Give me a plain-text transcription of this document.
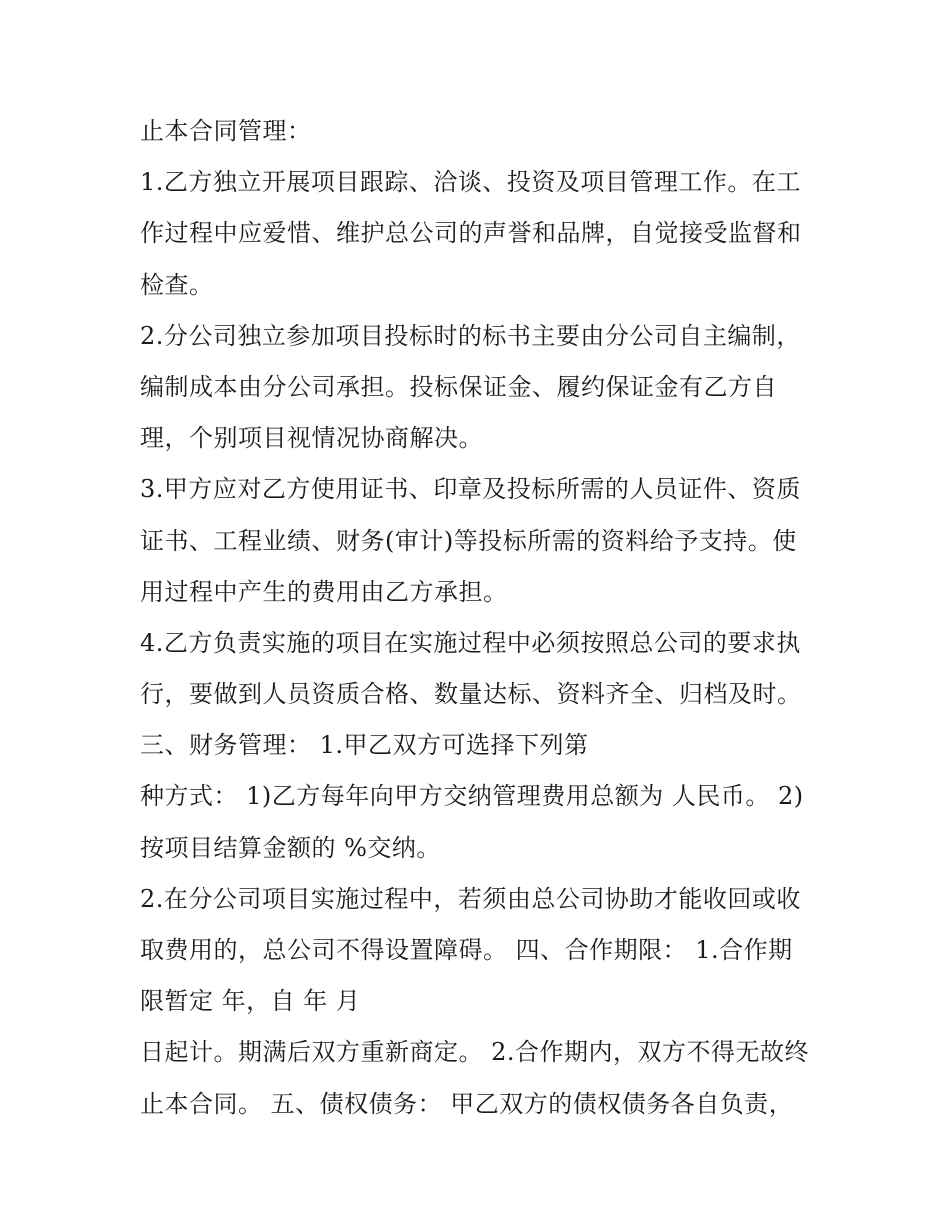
止本合同管理：
1.乙方独立开展项目跟踪、洽谈、投资及项目管理工作。在工
作过程中应爱惜、维护总公司的声誉和品牌，自觉接受监督和
检查。
2.分公司独立参加项目投标时的标书主要由分公司自主编制，
编制成本由分公司承担。投标保证金、履约保证金有乙方自
理，个别项目视情况协商解决。
3.甲方应对乙方使用证书、印章及投标所需的人员证件、资质
证书、工程业绩、财务(审计)等投标所需的资料给予支持。使
用过程中产生的费用由乙方承担。
4.乙方负责实施的项目在实施过程中必须按照总公司的要求执
行，要做到人员资质合格、数量达标、资料齐全、归档及时。
三、财务管理： 1.甲乙双方可选择下列第
种方式： 1)乙方每年向甲方交纳管理费用总额为 人民币。 2)
按项目结算金额的 %交纳。
2.在分公司项目实施过程中，若须由总公司协助才能收回或收
取费用的，总公司不得设置障碍。 四、合作期限： 1.合作期
限暂定 年，自 年 月
日起计。期满后双方重新商定。 2.合作期内，双方不得无故终
止本合同。 五、债权债务： 甲乙双方的债权债务各自负责，
